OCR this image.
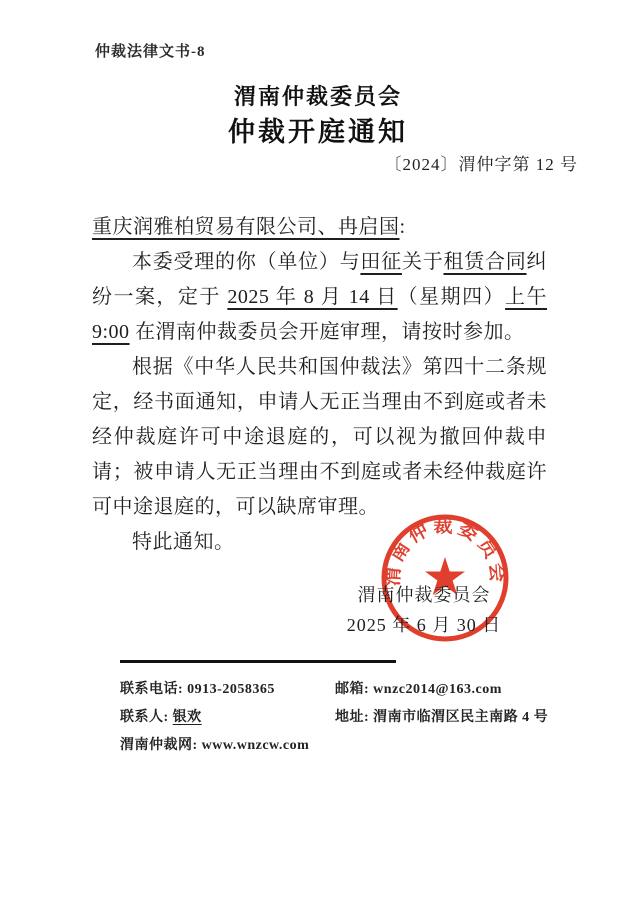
仲裁法律文书-8
渭南仲裁委员会
仲裁开庭通知
〔2024〕渭仲字第 12 号

重庆润雅柏贸易有限公司、冉启国:

本委受理的你（单位）与田征关于租赁合同纠纷一案，定于 2025 年 8 月 14 日（星期四）上午 9:00 在渭南仲裁委员会开庭审理，请按时参加。

根据《中华人民共和国仲裁法》第四十二条规定，经书面通知，申请人无正当理由不到庭或者未经仲裁庭许可中途退庭的，可以视为撤回仲裁申请；被申请人无正当理由不到庭或者未经仲裁庭许可中途退庭的，可以缺席审理。

特此通知。

渭南仲裁委员会
渭南仲裁委员会
2025 年 6 月 30 日
联系电话: 0913-2058365
联系人: 银欢
渭南仲裁网: www.wnzcw.com
邮箱: wnzc2014@163.com
地址: 渭南市临渭区民主南路 4 号
